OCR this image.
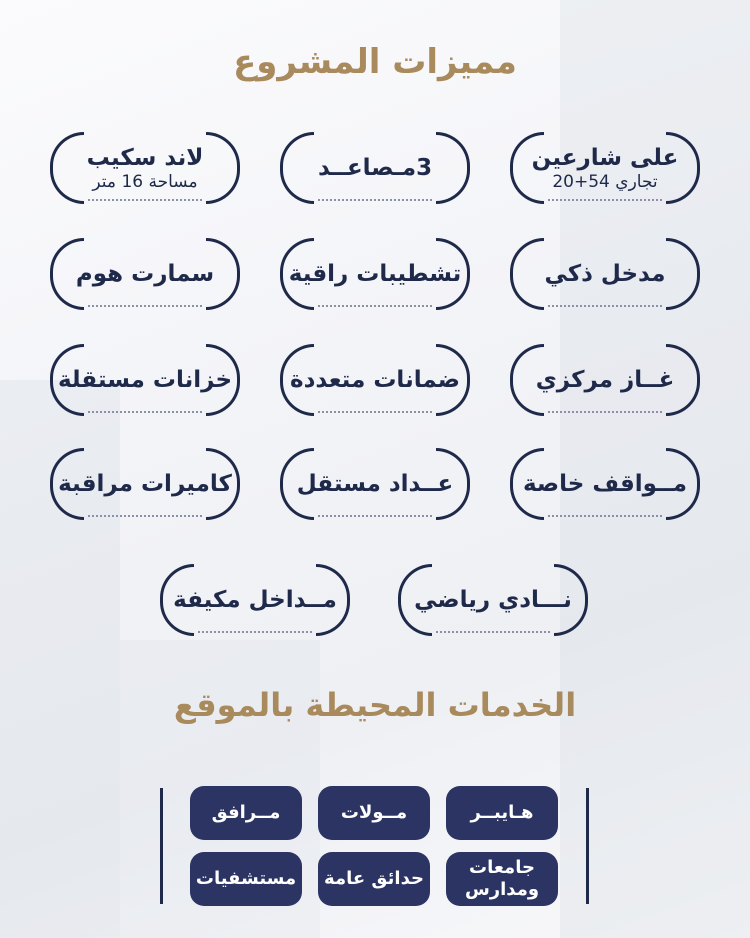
مميزات المشروع
على شارعين
تجاري 54+20
3مـصاعــد
لاند سكيب
مساحة 16 متر
مدخل ذكي
تشطيبات راقية
سمارت هوم
غــاز مركزي
ضمانات متعددة
خزانات مستقلة
مــواقف خاصة
عــداد مستقل
كاميرات مراقبة
نـــادي رياضي
مــداخل مكيفة
الخدمات المحيطة بالموقع
هـايبــر
مــولات
مــرافق
جامعات ومدارس
حدائق عامة
مستشفيات
